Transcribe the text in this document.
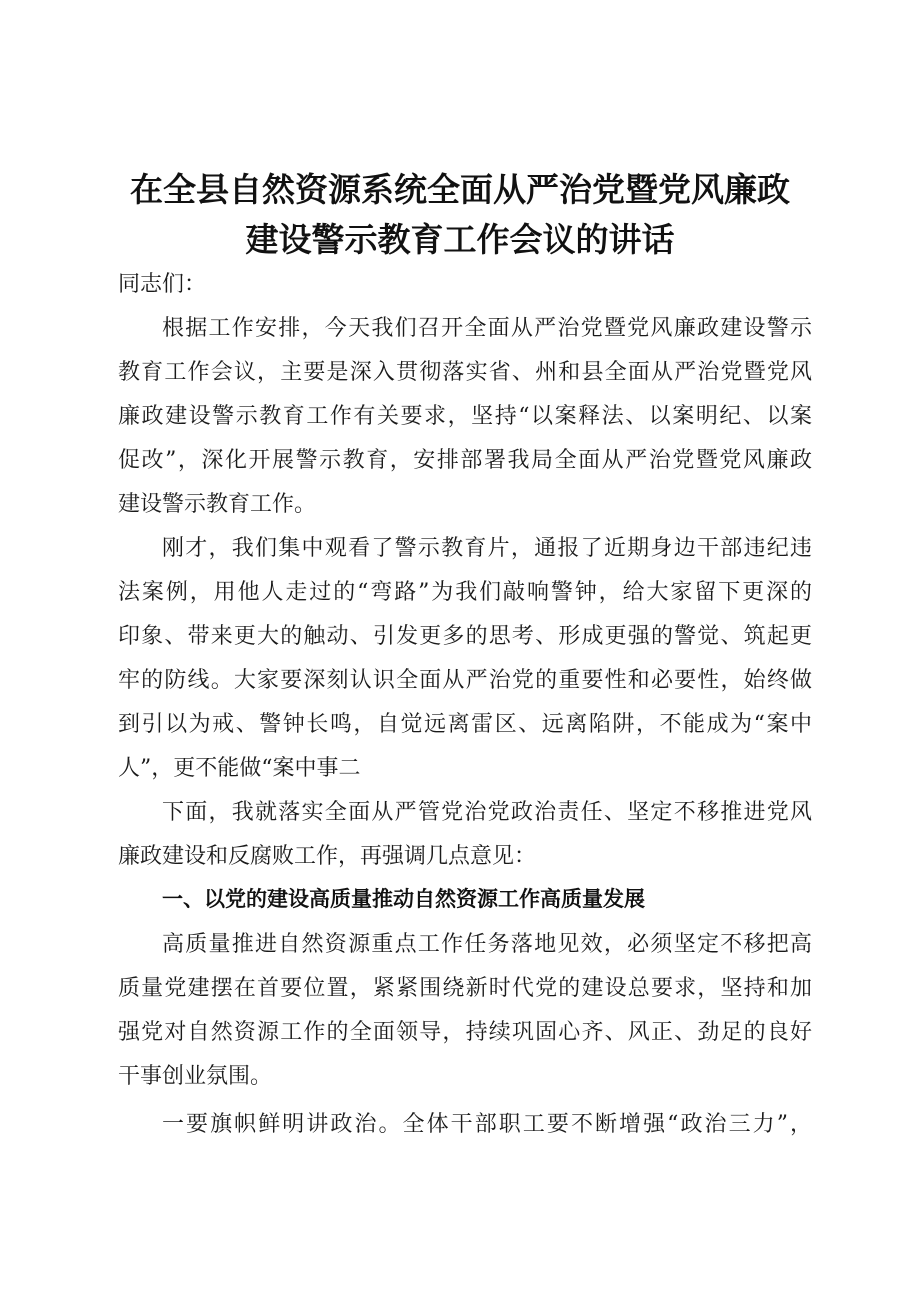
在全县自然资源系统全面从严治党暨党风廉政
建设警示教育工作会议的讲话
同志们：
根据工作安排，今天我们召开全面从严治党暨党风廉政建设警示
教育工作会议，主要是深入贯彻落实省、州和县全面从严治党暨党风
廉政建设警示教育工作有关要求，坚持“以案释法、以案明纪、以案
促改”，深化开展警示教育，安排部署我局全面从严治党暨党风廉政
建设警示教育工作。
刚才，我们集中观看了警示教育片，通报了近期身边干部违纪违
法案例，用他人走过的“弯路”为我们敲响警钟，给大家留下更深的
印象、带来更大的触动、引发更多的思考、形成更强的警觉、筑起更
牢的防线。大家要深刻认识全面从严治党的重要性和必要性，始终做
到引以为戒、警钟长鸣，自觉远离雷区、远离陷阱，不能成为“案中
人”，更不能做“案中事二
下面，我就落实全面从严管党治党政治责任、坚定不移推进党风
廉政建设和反腐败工作，再强调几点意见：
一、以党的建设高质量推动自然资源工作高质量发展
高质量推进自然资源重点工作任务落地见效，必须坚定不移把高
质量党建摆在首要位置，紧紧围绕新时代党的建设总要求，坚持和加
强党对自然资源工作的全面领导，持续巩固心齐、风正、劲足的良好
干事创业氛围。
一要旗帜鲜明讲政治。全体干部职工要不断增强“政治三力”，
